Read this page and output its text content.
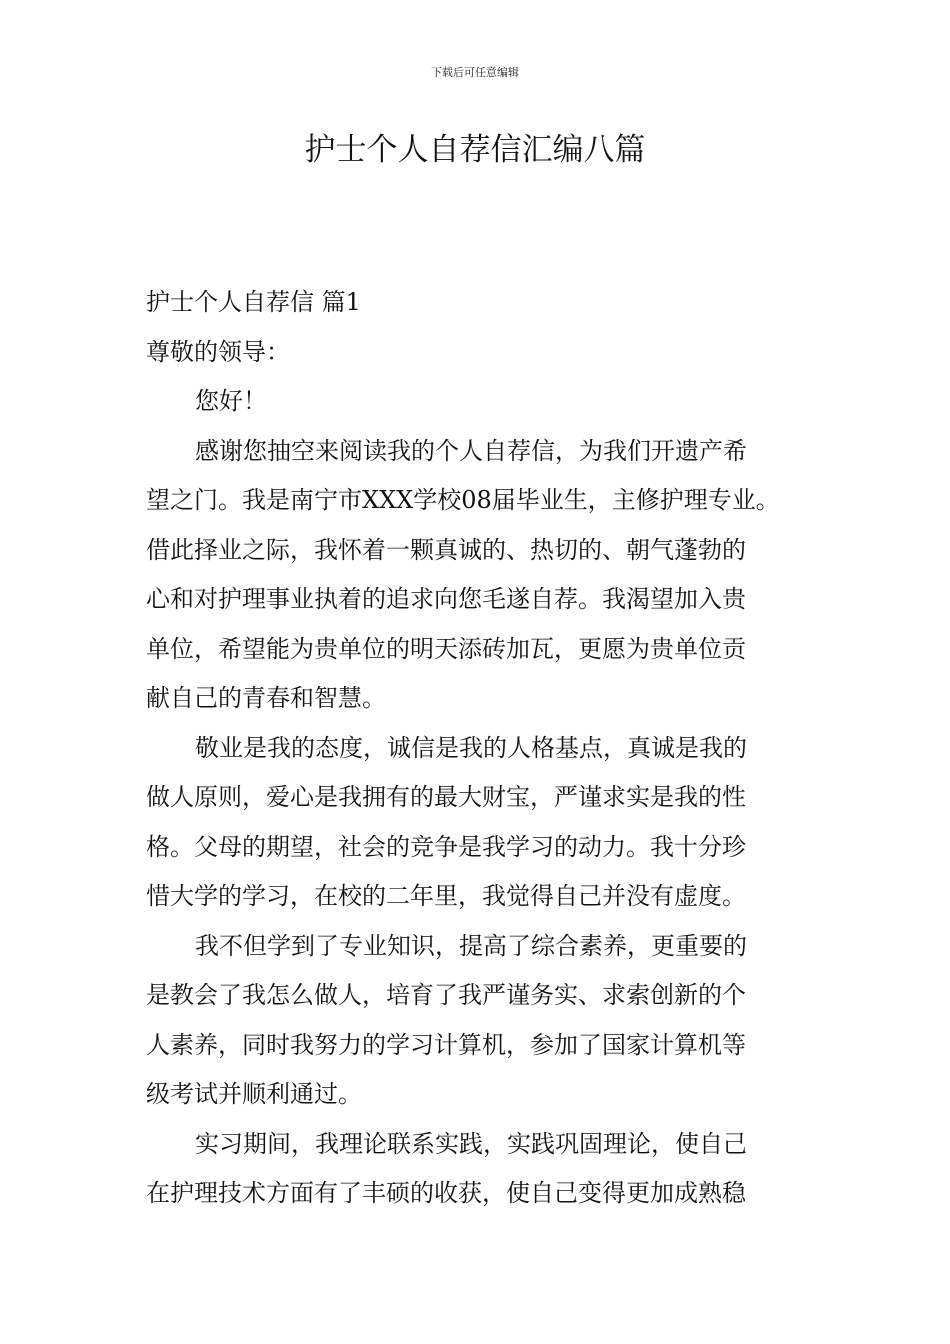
下载后可任意编辑
护士个人自荐信汇编八篇
护士个人自荐信 篇1
尊敬的领导：
您好！
感谢您抽空来阅读我的个人自荐信，为我们开遗产希
望之门。我是南宁市XXX学校08届毕业生，主修护理专业。
借此择业之际，我怀着一颗真诚的、热切的、朝气蓬勃的
心和对护理事业执着的追求向您毛遂自荐。我渴望加入贵
单位，希望能为贵单位的明天添砖加瓦，更愿为贵单位贡
献自己的青春和智慧。
敬业是我的态度，诚信是我的人格基点，真诚是我的
做人原则，爱心是我拥有的最大财宝，严谨求实是我的性
格。父母的期望，社会的竞争是我学习的动力。我十分珍
惜大学的学习，在校的二年里，我觉得自己并没有虚度。
我不但学到了专业知识，提高了综合素养，更重要的
是教会了我怎么做人，培育了我严谨务实、求索创新的个
人素养，同时我努力的学习计算机，参加了国家计算机等
级考试并顺利通过。
实习期间，我理论联系实践，实践巩固理论，使自己
在护理技术方面有了丰硕的收获，使自己变得更加成熟稳
